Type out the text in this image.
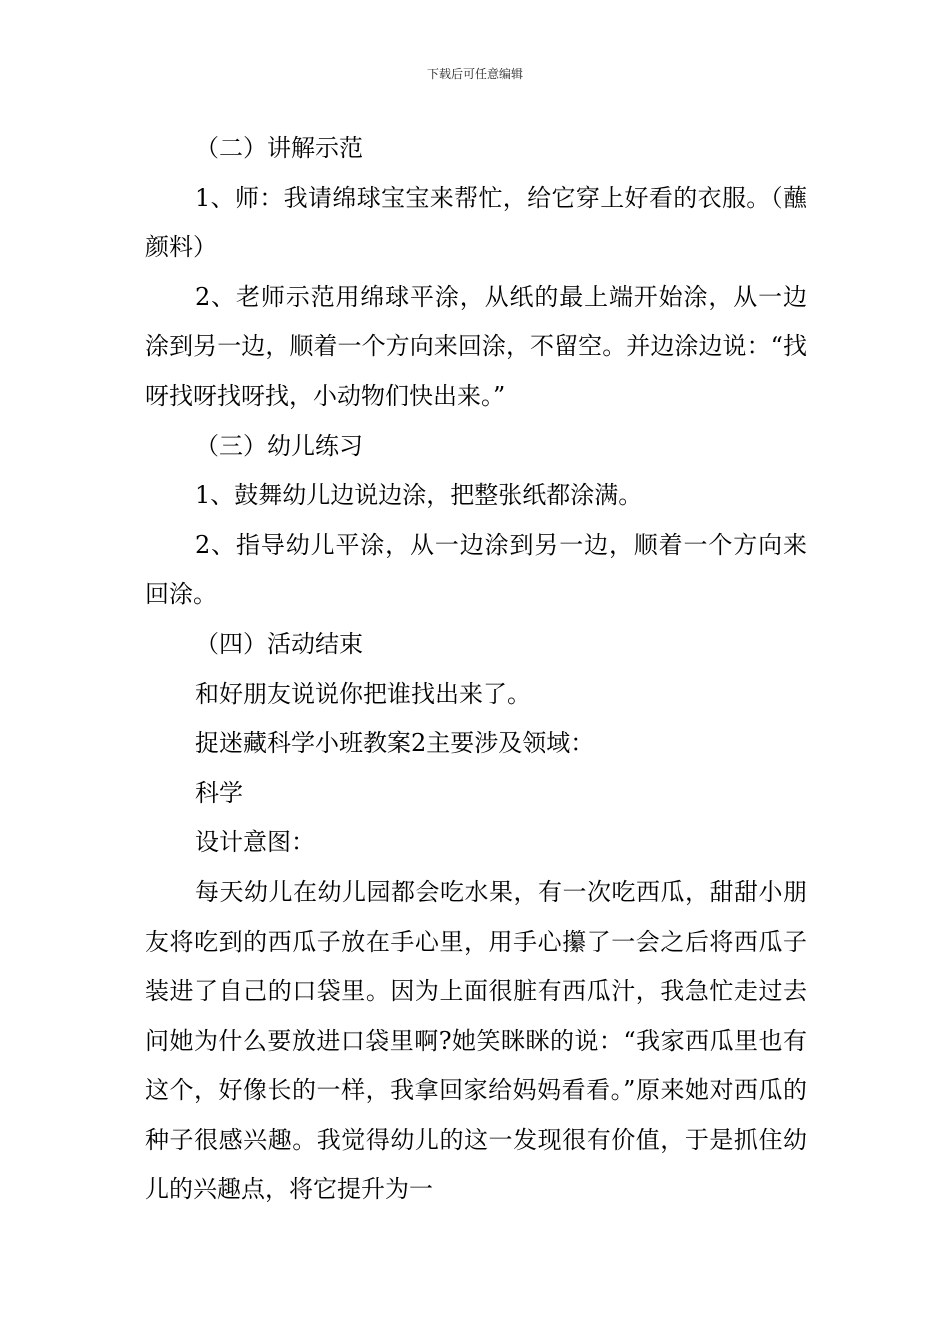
下载后可任意编辑

（二）讲解示范

1、师：我请绵球宝宝来帮忙，给它穿上好看的衣服。（蘸颜料）

2、老师示范用绵球平涂，从纸的最上端开始涂，从一边涂到另一边，顺着一个方向来回涂，不留空。并边涂边说：“找呀找呀找呀找，小动物们快出来。”

（三）幼儿练习

1、鼓舞幼儿边说边涂，把整张纸都涂满。

2、指导幼儿平涂，从一边涂到另一边，顺着一个方向来回涂。

（四）活动结束

和好朋友说说你把谁找出来了。

捉迷藏科学小班教案2主要涉及领域：

科学

设计意图：

每天幼儿在幼儿园都会吃水果，有一次吃西瓜，甜甜小朋友将吃到的西瓜子放在手心里，用手心攥了一会之后将西瓜子装进了自己的口袋里。因为上面很脏有西瓜汁，我急忙走过去问她为什么要放进口袋里啊?她笑眯眯的说：“我家西瓜里也有这个，好像长的一样，我拿回家给妈妈看看。”原来她对西瓜的种子很感兴趣。我觉得幼儿的这一发现很有价值，于是抓住幼儿的兴趣点，将它提升为一
